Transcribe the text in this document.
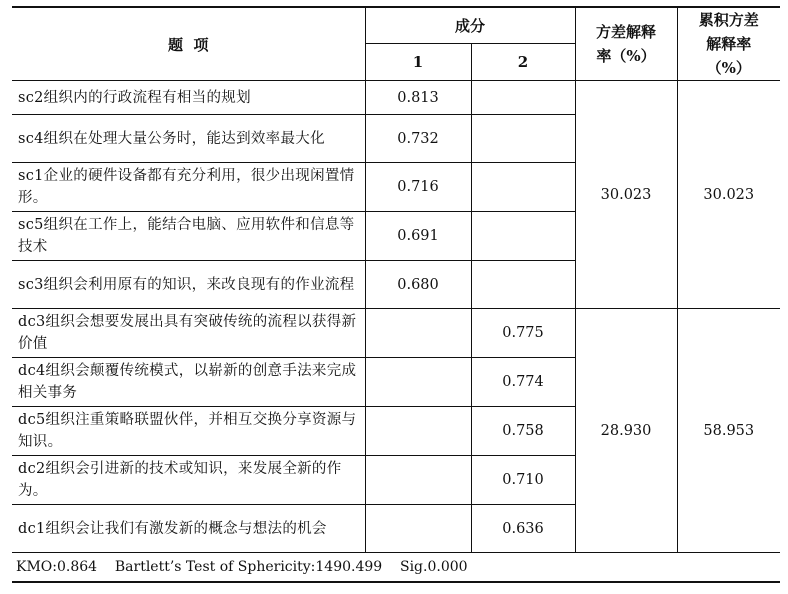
题  项	成分		方差解释率（%）	累积方差解释率（%）
	1	2		
sc2组织内的行政流程有相当的规划	0.813		30.023	30.023
sc4组织在处理大量公务时，能达到效率最大化	0.732			
sc1企业的硬件设备都有充分利用，很少出现闲置情形。	0.716			
sc5组织在工作上，能结合电脑、应用软件和信息等技术	0.691			
sc3组织会利用原有的知识，来改良现有的作业流程	0.680			
dc3组织会想要发展出具有突破传统的流程以获得新价值		0.775	28.930	58.953
dc4组织会颠覆传统模式，以崭新的创意手法来完成相关事务		0.774		
dc5组织注重策略联盟伙伴，并相互交换分享资源与知识。		0.758		
dc2组织会引进新的技术或知识，来发展全新的作为。		0.710		
dc1组织会让我们有激发新的概念与想法的机会		0.636		
KMO:0.864    Bartlett’s Test of Sphericity:1490.499    Sig.0.000				
